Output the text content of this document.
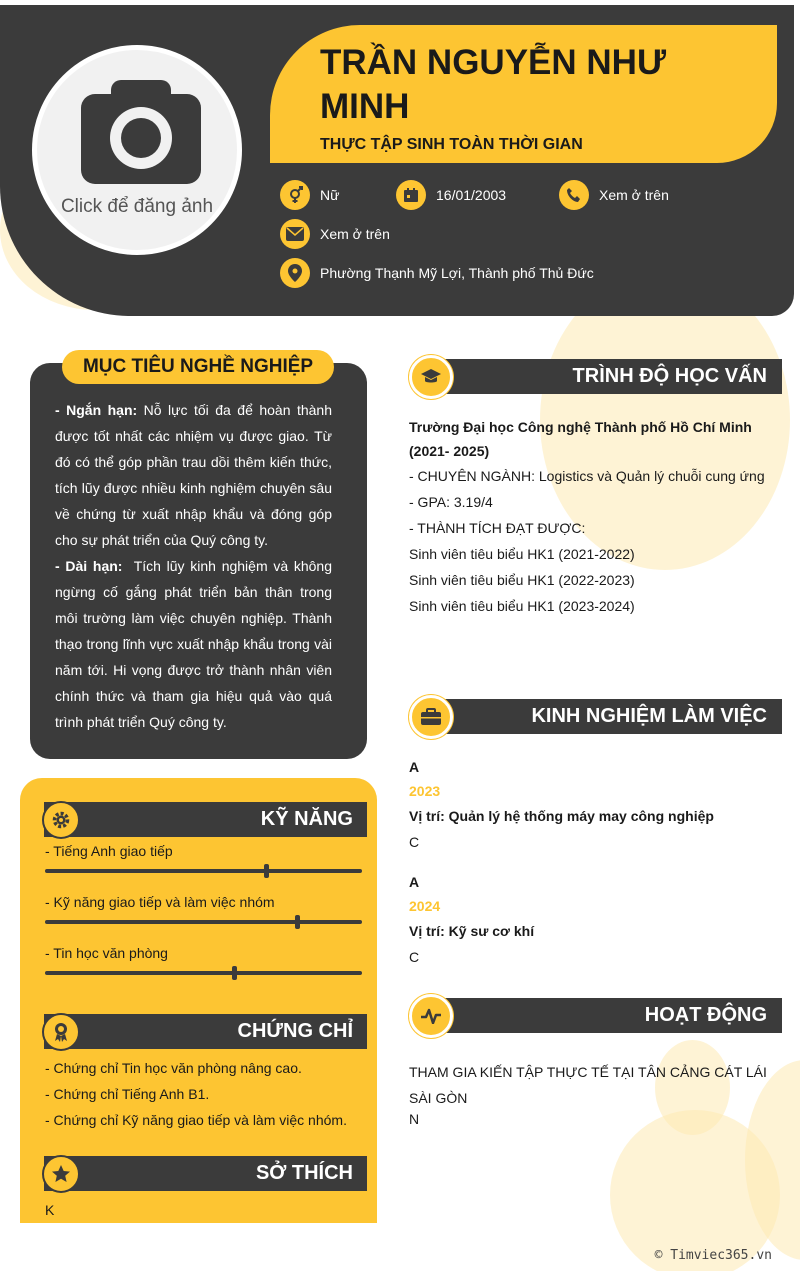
Click để đăng ảnh
TRẦN NGUYỄN NHƯ MINH
THỰC TẬP SINH TOÀN THỜI GIAN
Nữ	16/01/2003	Xem ở trên
Xem ở trên
Phường Thạnh Mỹ Lợi, Thành phố Thủ Đức
MỤC TIÊU NGHỀ NGHIỆP

- Ngắn hạn: Nỗ lực tối đa để hoàn thành được tốt nhất các nhiệm vụ được giao. Từ đó có thể góp phần trau dồi thêm kiến thức, tích lũy được nhiều kinh nghiệm chuyên sâu về chứng từ xuất nhập khẩu và đóng góp cho sự phát triển của Quý công ty.

- Dài hạn: Tích lũy kinh nghiệm và không ngừng cố gắng phát triển bản thân trong môi trường làm việc chuyên nghiệp. Thành thạo trong lĩnh vực xuất nhập khẩu trong vài năm tới. Hi vọng được trở thành nhân viên chính thức và tham gia hiệu quả vào quá trình phát triển Quý công ty.

KỸ NĂNG
- Tiếng Anh giao tiếp
- Kỹ năng giao tiếp và làm việc nhóm
- Tin học văn phòng
CHỨNG CHỈ
- Chứng chỉ Tin học văn phòng nâng cao.
- Chứng chỉ Tiếng Anh B1.
- Chứng chỉ Kỹ năng giao tiếp và làm việc nhóm.
SỞ THÍCH
K
TRÌNH ĐỘ HỌC VẤN
Trường Đại học Công nghệ Thành phố Hồ Chí Minh
(2021- 2025)
- CHUYÊN NGÀNH: Logistics và Quản lý chuỗi cung ứng
- GPA: 3.19/4
- THÀNH TÍCH ĐẠT ĐƯỢC:
Sinh viên tiêu biểu HK1 (2021-2022)
Sinh viên tiêu biểu HK1 (2022-2023)
Sinh viên tiêu biểu HK1 (2023-2024)
KINH NGHIỆM LÀM VIỆC
A
2023
Vị trí: Quản lý hệ thống máy may công nghiệp
C
A
2024
Vị trí: Kỹ sư cơ khí
C
HOẠT ĐỘNG
THAM GIA KIẾN TẬP THỰC TẾ TẠI TÂN CẢNG CÁT LÁI SÀI GÒN
N
© Timviec365.vn
